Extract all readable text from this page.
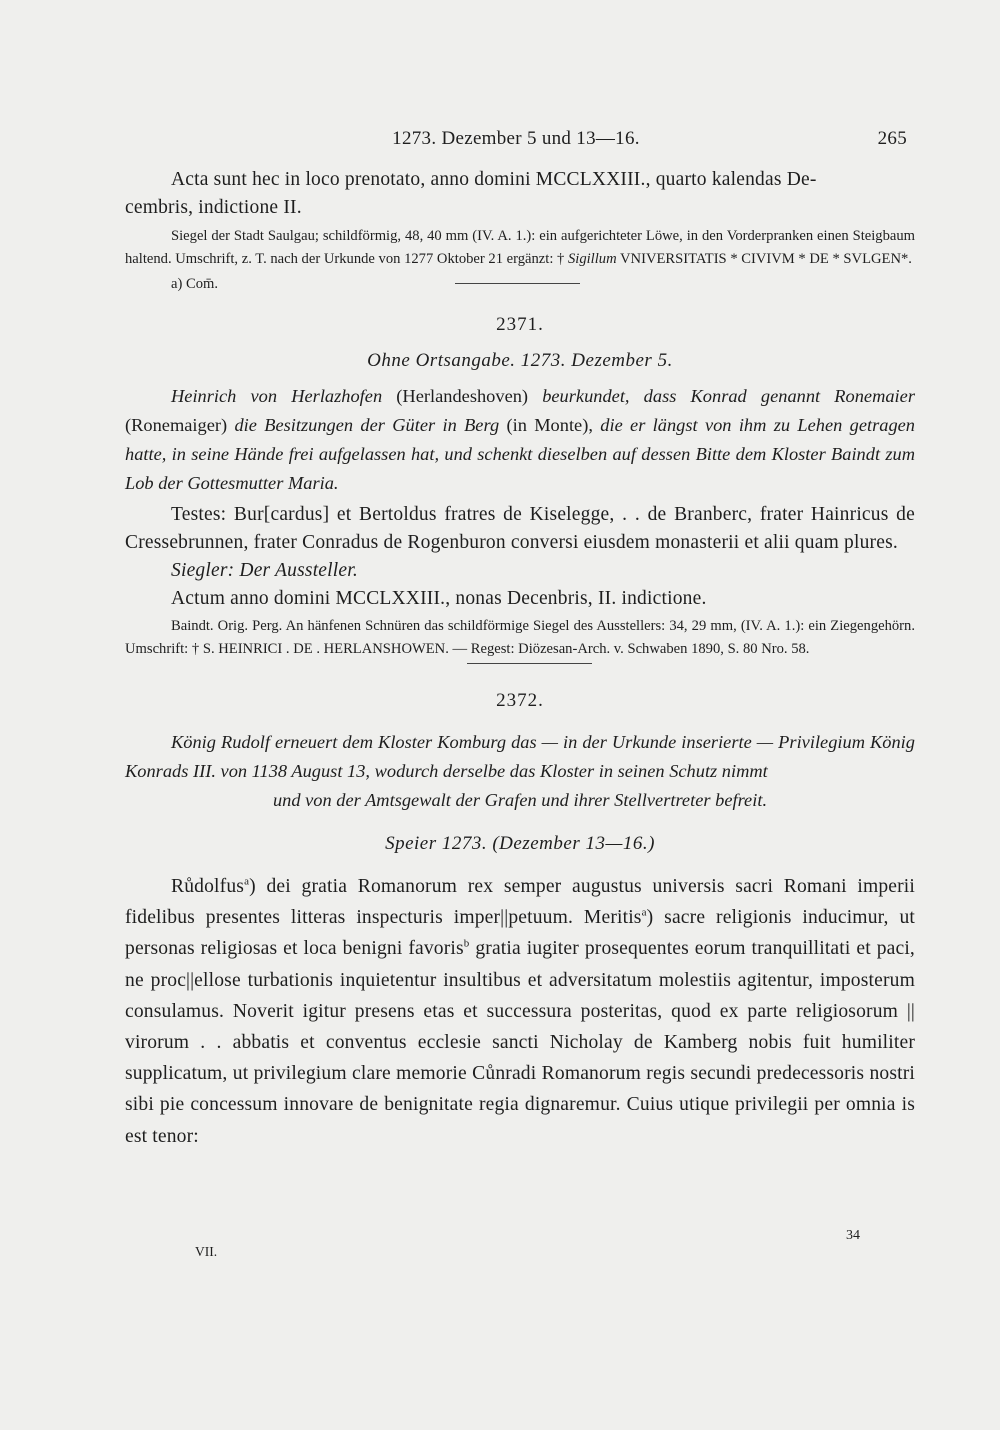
1273. Dezember 5 und 13—16.	265

Acta sunt hec in loco prenotato, anno domini MCCLXXIII., quarto kalendas De-

cembris, indictione II.

Siegel der Stadt Saulgau; schildförmig, 48, 40 mm (IV. A. 1.): ein aufgerichteter Löwe, in den Vorderpranken einen Steigbaum haltend. Umschrift, z. T. nach der Urkunde von 1277 Oktober 21 ergänzt: † Sigillum VNIVERSITATIS * CIVIVM * DE * SVLGEN*.

a) Com̄.

2371.

Ohne Ortsangabe. 1273. Dezember 5.

Heinrich von Herlazhofen (Herlandeshoven) beurkundet, dass Konrad genannt Ronemaier (Ronemaiger) die Besitzungen der Güter in Berg (in Monte), die er längst von ihm zu Lehen getragen hatte, in seine Hände frei aufgelassen hat, und schenkt dieselben auf dessen Bitte dem Kloster Baindt zum Lob der Gottesmutter Maria.

Testes: Bur[cardus] et Bertoldus fratres de Kiselegge, . . de Branberc, frater Hainricus de Cressebrunnen, frater Conradus de Rogenburon conversi eiusdem monasterii et alii quam plures.

Siegler: Der Aussteller.

Actum anno domini MCCLXXIII., nonas Decenbris, II. indictione.

Baindt. Orig. Perg. An hänfenen Schnüren das schildförmige Siegel des Ausstellers: 34, 29 mm, (IV. A. 1.): ein Ziegengehörn. Umschrift: † S. HEINRICI . DE . HERLANSHOWEN. — Regest: Diözesan-Arch. v. Schwaben 1890, S. 80 Nro. 58.

2372.

König Rudolf erneuert dem Kloster Komburg das — in der Urkunde inserierte — Privilegium König Konrads III. von 1138 August 13, wodurch derselbe das Kloster in seinen Schutz nimmt

und von der Amtsgewalt der Grafen und ihrer Stellvertreter befreit.

Speier 1273. (Dezember 13—16.)

Růdolfus$^a$) dei gratia Romanorum rex semper augustus universis sacri Romani imperii fidelibus presentes litteras inspecturis imper||petuum. Meritis$^a$) sacre religionis inducimur, ut personas religiosas et loca benigni favoris$^b$ gratia iugiter prosequentes eorum tranquillitati et paci, ne proc||ellose turbationis inquietentur insultibus et adversitatum molestiis agitentur, imposterum consulamus. Noverit igitur presens etas et successura posteritas, quod ex parte religiosorum || virorum . . abbatis et conventus ecclesie sancti Nicholay de Kamberg nobis fuit humiliter supplicatum, ut privilegium clare memorie Cůnradi Romanorum regis secundi predecessoris nostri sibi pie concessum innovare de benignitate regia dignaremur. Cuius utique privilegii per omnia is est tenor:

VII.
34
